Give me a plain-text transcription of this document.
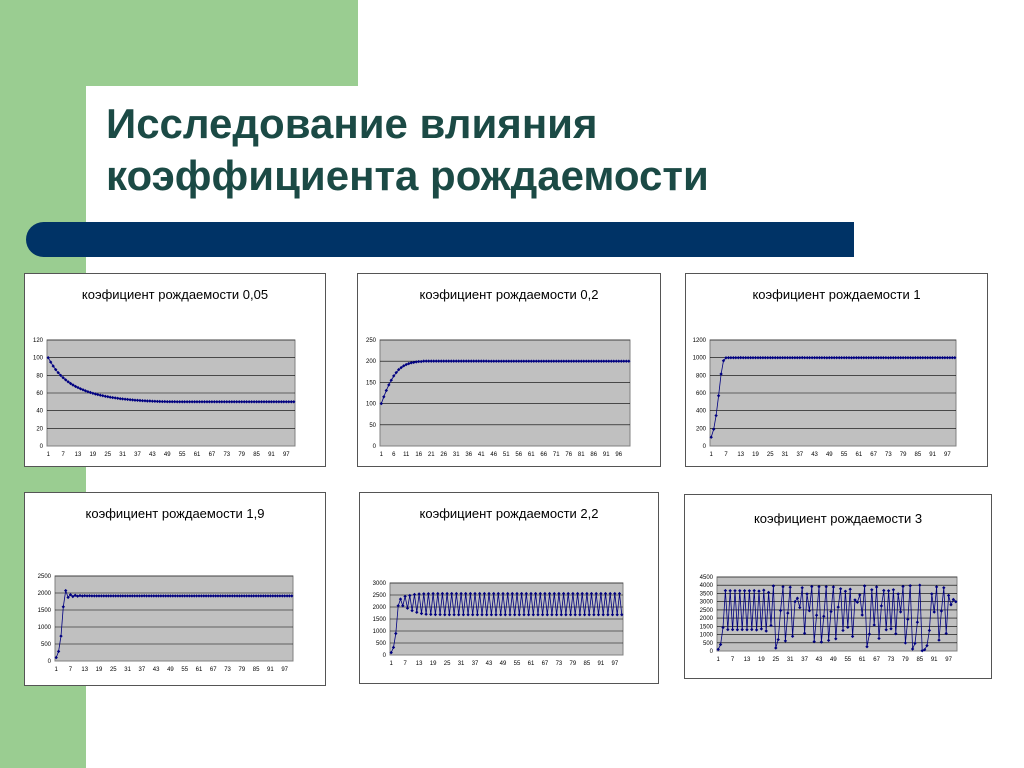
Исследование влияния
коэффициента рождаемости
коэфициент рождаемости 0,05
0
20
40
60
80
100
120
1 7 13 19 25 31 37 43 49 55 61 67 73 79 85 91 97
коэфициент рождаемости 0,2
0
50
100
150
200
250
1 6 11 16 21 26 31 36 41 46 51 56 61 66 71 76 81 86 91 96
коэфициент рождаемости 1
0
200
400
600
800
1000
1200
1 7 13 19 25 31 37 43 49 55 61 67 73 79 85 91 97
коэфициент рождаемости 1,9
0
500
1000
1500
2000
2500
1 7 13 19 25 31 37 43 49 55 61 67 73 79 85 91 97
коэфициент рождаемости 2,2
0
500
1000
1500
2000
2500
3000
1 7 13 19 25 31 37 43 49 55 61 67 73 79 85 91 97
коэфициент рождаемости 3
0
500
1000
1500
2000
2500
3000
3500
4000
4500
1 7 13 19 25 31 37 43 49 55 61 67 73 79 85 91 97
